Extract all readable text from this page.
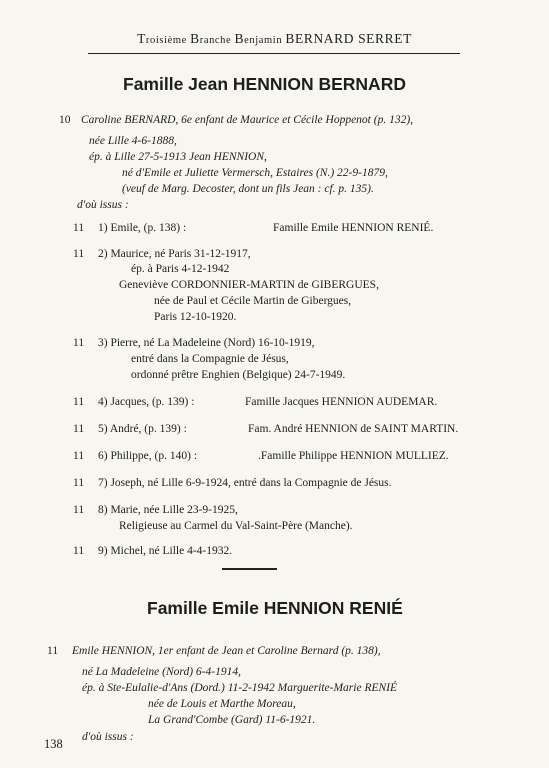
Troisième Branche Benjamin BERNARD SERRET
Famille Jean HENNION BERNARD
10 Caroline BERNARD, 6e enfant de Maurice et Cécile Hoppenot (p. 132),
née Lille 4-6-1888,
ép. à Lille 27-5-1913 Jean HENNION,
né d'Emile et Juliette Vermersch, Estaires (N.) 22-9-1879,
(veuf de Marg. Decoster, dont un fils Jean : cf. p. 135).
d'où issus :
11 1) Emile, (p. 138) :	Famille Emile HENNION RENIÉ.
11 2) Maurice, né Paris 31-12-1917,
ép. à Paris 4-12-1942
Geneviève CORDONNIER-MARTIN de GIBERGUES,
née de Paul et Cécile Martin de Gibergues,
Paris 12-10-1920.
11 3) Pierre, né La Madeleine (Nord) 16-10-1919,
entré dans la Compagnie de Jésus,
ordonné prêtre Enghien (Belgique) 24-7-1949.
11 4) Jacques, (p. 139) :	Famille Jacques HENNION AUDEMAR.
11 5) André, (p. 139) :	Fam. André HENNION de SAINT MARTIN.
11 6) Philippe, (p. 140) :	.Famille Philippe HENNION MULLIEZ.
11 7) Joseph, né Lille 6-9-1924, entré dans la Compagnie de Jésus.
11 8) Marie, née Lille 23-9-1925,
Religieuse au Carmel du Val-Saint-Père (Manche).
11 9) Michel, né Lille 4-4-1932.
Famille Emile HENNION RENIÉ
11 Emile HENNION, 1er enfant de Jean et Caroline Bernard (p. 138),
né La Madeleine (Nord) 6-4-1914,
ép. à Ste-Eulalie-d'Ans (Dord.) 11-2-1942 Marguerite-Marie RENIÉ
née de Louis et Marthe Moreau,
La Grand'Combe (Gard) 11-6-1921.
d'où issus :
138
